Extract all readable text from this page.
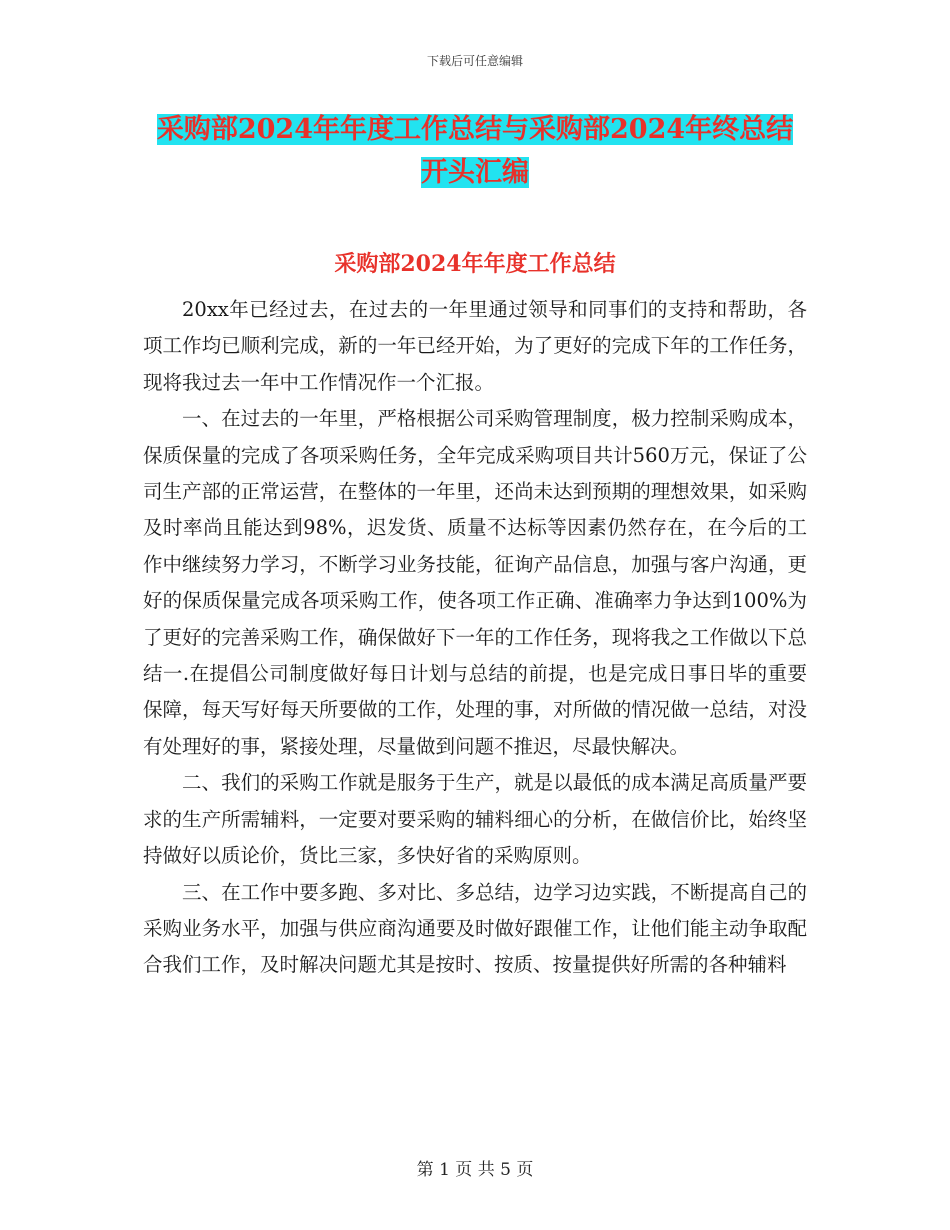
下载后可任意编辑
采购部2024年年度工作总结与采购部2024年终总结
开头汇编
采购部2024年年度工作总结

20xx年已经过去，在过去的一年里通过领导和同事们的支持和帮助，各项工作均已顺利完成，新的一年已经开始，为了更好的完成下年的工作任务，现将我过去一年中工作情况作一个汇报。

一、在过去的一年里，严格根据公司采购管理制度，极力控制采购成本，保质保量的完成了各项采购任务，全年完成采购项目共计560万元，保证了公司生产部的正常运营，在整体的一年里，还尚未达到预期的理想效果，如采购及时率尚且能达到98%，迟发货、质量不达标等因素仍然存在，在今后的工作中继续努力学习，不断学习业务技能，征询产品信息，加强与客户沟通，更好的保质保量完成各项采购工作，使各项工作正确、准确率力争达到100%为了更好的完善采购工作，确保做好下一年的工作任务，现将我之工作做以下总结一.在提倡公司制度做好每日计划与总结的前提，也是完成日事日毕的重要保障，每天写好每天所要做的工作，处理的事，对所做的情况做一总结，对没有处理好的事，紧接处理，尽量做到问题不推迟，尽最快解决。

二、我们的采购工作就是服务于生产，就是以最低的成本满足高质量严要求的生产所需辅料，一定要对要采购的辅料细心的分析，在做信价比，始终坚持做好以质论价，货比三家，多快好省的采购原则。

三、在工作中要多跑、多对比、多总结，边学习边实践，不断提高自己的采购业务水平，加强与供应商沟通要及时做好跟催工作，让他们能主动争取配合我们工作，及时解决问题尤其是按时、按质、按量提供好所需的各种辅料

第 1 页 共 5 页
